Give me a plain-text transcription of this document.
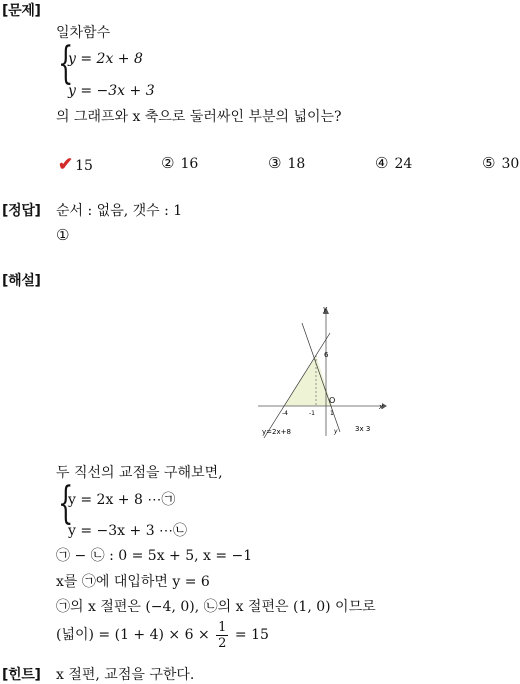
[문제]
일차함수
{
y = 2x + 8
y = −3x + 3
의 그래프와 x 축으로 둘러싸인 부분의 넓이는?
✔ 15	② 16	③ 18	④ 24	⑤ 30
[정답] 순서 : 없음, 갯수 : 1
①
[해설]
y
x
O
6
-4	-1	1
y=2x+8	y 3x 3
두 직선의 교점을 구해보면,
{
y = 2x + 8 ⋯㉠
y = −3x + 3 ⋯㉡
㉠ − ㉡ : 0 = 5x + 5, x = −1
x를 ㉠에 대입하면 y = 6
㉠의 x 절편은 (−4, 0), ㉡의 x 절편은 (1, 0) 이므로
(넓이) = $(1 + 4) \times 6 \times \frac{1}{2} = 15$
[힌트] x 절편, 교점을 구한다.
